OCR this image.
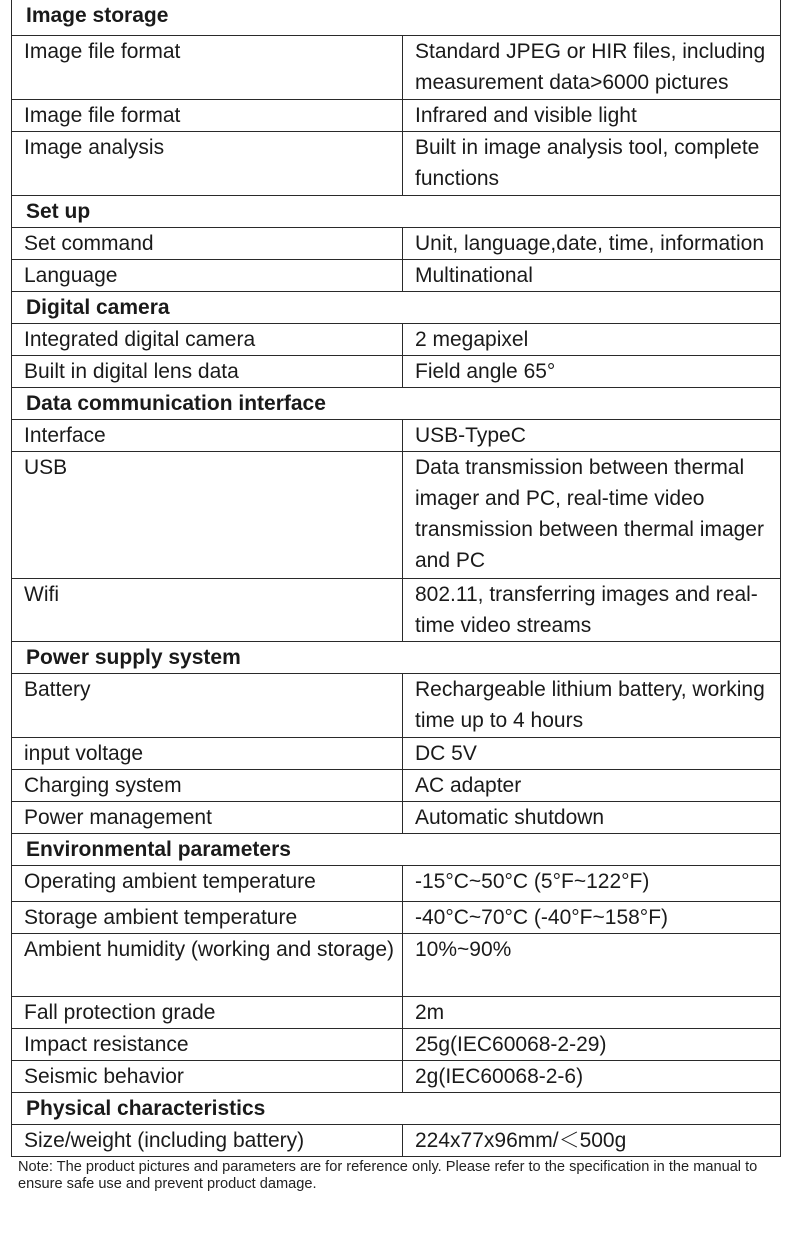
Image storage	
Image file format	Standard JPEG or HIR files, including measurement data>6000 pictures
Image file format	Infrared and visible light
Image analysis	Built in image analysis tool, complete functions
Set up	
Set command	Unit, language,date, time, information
Language	Multinational
Digital camera	
Integrated digital camera	2 megapixel
Built in digital lens data	Field angle 65°
Data communication interface	
Interface	USB-TypeC
USB	Data transmission between thermal imager and PC, real-time video transmission between thermal imager and PC
Wifi	802.11, transferring images and real-time video streams
Power supply system	
Battery	Rechargeable lithium battery, working time up to 4 hours
input voltage	DC 5V
Charging system	AC adapter
Power management	Automatic shutdown
Environmental parameters	
Operating ambient temperature	-15°C~50°C (5°F~122°F)
Storage ambient temperature	-40°C~70°C (-40°F~158°F)
Ambient humidity (working and storage)	10%~90%
Fall protection grade	2m
Impact resistance	25g(IEC60068-2-29)
Seismic behavior	2g(IEC60068-2-6)
Physical characteristics	
Size/weight (including battery)	224x77x96mm/＜500g

Note: The product pictures and parameters are for reference only. Please refer to the specification in the manual to ensure safe use and prevent product damage.
